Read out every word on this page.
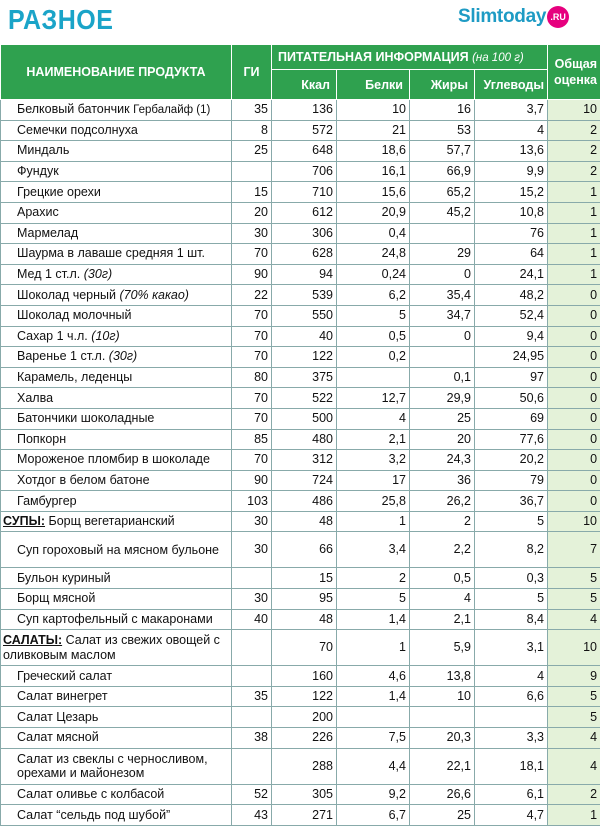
РАЗНОЕ	Slimtoday .RU
НАИМЕНОВАНИЕ ПРОДУКТА	ГИ	ПИТАТЕЛЬНАЯ ИНФОРМАЦИЯ (на 100 г)				Общая оценка
		Ккал	Белки	Жиры	Углеводы	
Белковый батончик Гербалайф (1)	35	136	10	16	3,7	10
Семечки подсолнуха	8	572	21	53	4	2
Миндаль	25	648	18,6	57,7	13,6	2
Фундук		706	16,1	66,9	9,9	2
Грецкие орехи	15	710	15,6	65,2	15,2	1
Арахис	20	612	20,9	45,2	10,8	1
Мармелад	30	306	0,4		76	1
Шаурма в лаваше средняя 1 шт.	70	628	24,8	29	64	1
Мед 1 ст.л. (30г)	90	94	0,24	0	24,1	1
Шоколад черный (70% какао)	22	539	6,2	35,4	48,2	0
Шоколад молочный	70	550	5	34,7	52,4	0
Сахар 1 ч.л. (10г)	70	40	0,5	0	9,4	0
Варенье 1 ст.л. (30г)	70	122	0,2		24,95	0
Карамель, леденцы	80	375		0,1	97	0
Халва	70	522	12,7	29,9	50,6	0
Батончики шоколадные	70	500	4	25	69	0
Попкорн	85	480	2,1	20	77,6	0
Мороженое пломбир в шоколаде	70	312	3,2	24,3	20,2	0
Хотдог в белом батоне	90	724	17	36	79	0
Гамбургер	103	486	25,8	26,2	36,7	0
СУПЫ: Борщ вегетарианский	30	48	1	2	5	10
Суп гороховый на мясном бульоне	30	66	3,4	2,2	8,2	7
Бульон куриный		15	2	0,5	0,3	5
Борщ мясной	30	95	5	4	5	5
Суп картофельный с макаронами	40	48	1,4	2,1	8,4	4
САЛАТЫ: Салат из свежих овощей с оливковым маслом		70	1	5,9	3,1	10
Греческий салат		160	4,6	13,8	4	9
Салат винегрет	35	122	1,4	10	6,6	5
Салат Цезарь		200				5
Салат мясной	38	226	7,5	20,3	3,3	4
Салат из свеклы с черносливом, орехами и майонезом		288	4,4	22,1	18,1	4
Салат оливье с колбасой	52	305	9,2	26,6	6,1	2
Салат “сельдь под шубой”	43	271	6,7	25	4,7	1
